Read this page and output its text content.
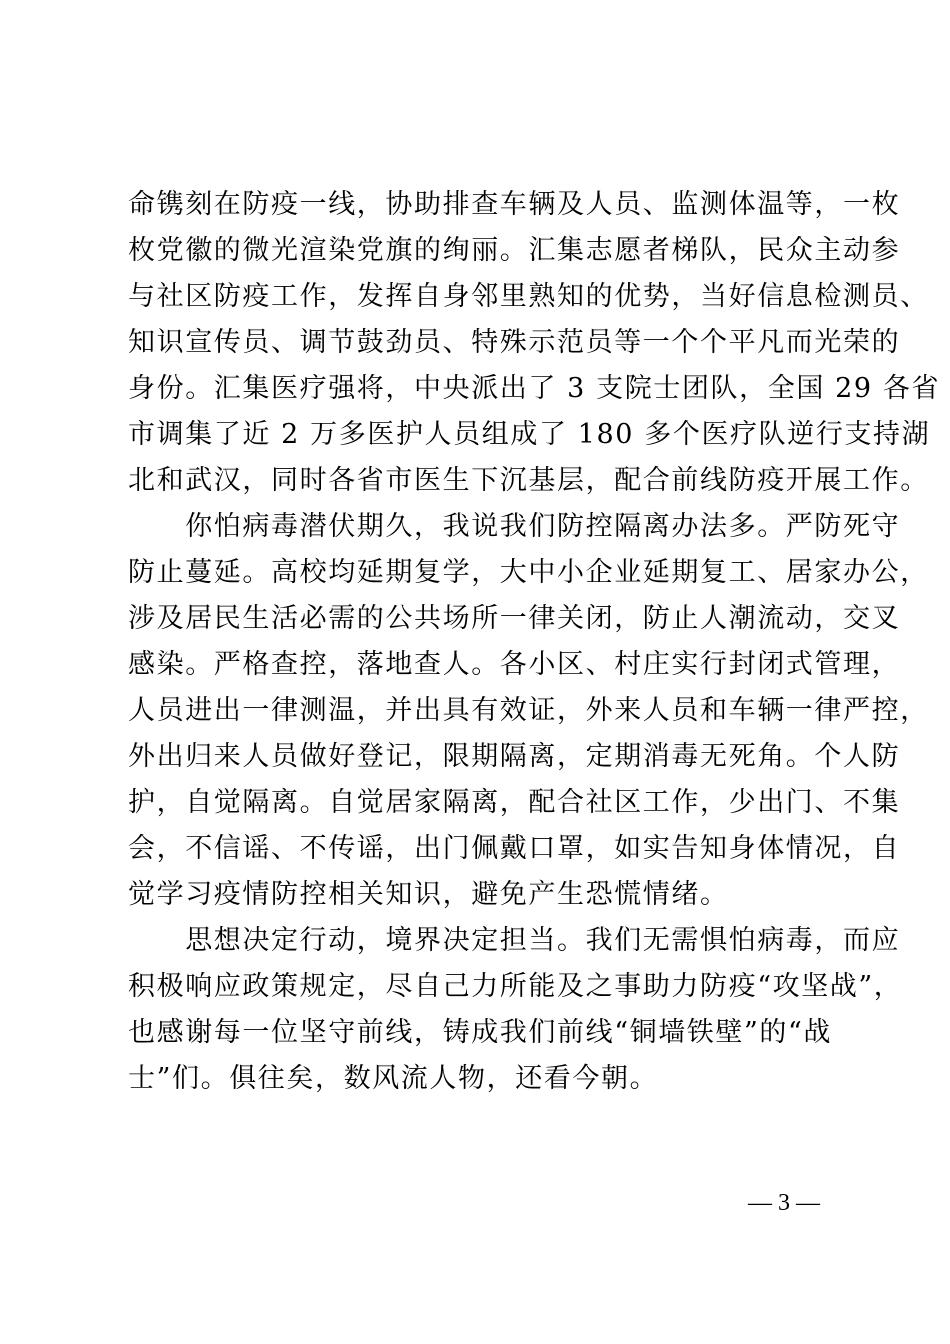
命镌刻在防疫一线，协助排查车辆及人员、监测体温等，一枚
枚党徽的微光渲染党旗的绚丽。汇集志愿者梯队，民众主动参
与社区防疫工作，发挥自身邻里熟知的优势，当好信息检测员、
知识宣传员、调节鼓劲员、特殊示范员等一个个平凡而光荣的
身份。汇集医疗强将，中央派出了 3 支院士团队，全国 29 各省
市调集了近 2 万多医护人员组成了 180 多个医疗队逆行支持湖
北和武汉，同时各省市医生下沉基层，配合前线防疫开展工作。
　　你怕病毒潜伏期久，我说我们防控隔离办法多。严防死守
防止蔓延。高校均延期复学，大中小企业延期复工、居家办公，
涉及居民生活必需的公共场所一律关闭，防止人潮流动，交叉
感染。严格查控，落地查人。各小区、村庄实行封闭式管理，
人员进出一律测温，并出具有效证，外来人员和车辆一律严控，
外出归来人员做好登记，限期隔离，定期消毒无死角。个人防
护，自觉隔离。自觉居家隔离，配合社区工作，少出门、不集
会，不信谣、不传谣，出门佩戴口罩，如实告知身体情况，自
觉学习疫情防控相关知识，避免产生恐慌情绪。
　　思想决定行动，境界决定担当。我们无需惧怕病毒，而应
积极响应政策规定，尽自己力所能及之事助力防疫“攻坚战”，
也感谢每一位坚守前线，铸成我们前线“铜墙铁壁”的“战
士”们。俱往矣，数风流人物，还看今朝。
— 3 —
